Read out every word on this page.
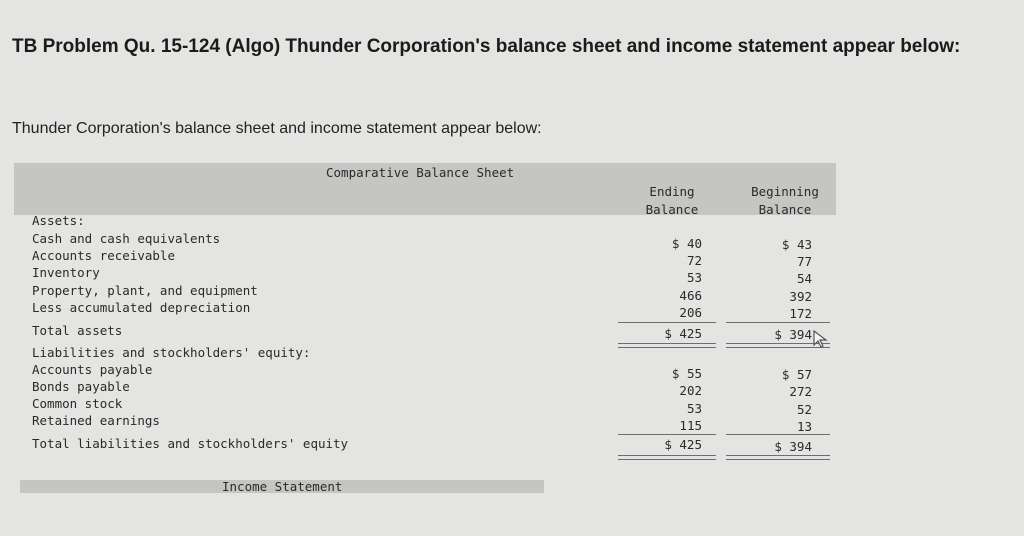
TB Problem Qu. 15-124 (Algo) Thunder Corporation's balance sheet and income statement appear below:
Thunder Corporation's balance sheet and income statement appear below:
Comparative Balance Sheet
Ending Balance
Beginning Balance
Assets:
Cash and cash equivalents	$ 40	$ 43
Accounts receivable	72	77
Inventory	53	54
Property, plant, and equipment	466	392
Less accumulated depreciation	206	172
Total assets	$ 425	$ 394
Liabilities and stockholders' equity:
Accounts payable	$ 55	$ 57
Bonds payable	202	272
Common stock	53	52
Retained earnings	115	13
Total liabilities and stockholders' equity	$ 425	$ 394
Income Statement
